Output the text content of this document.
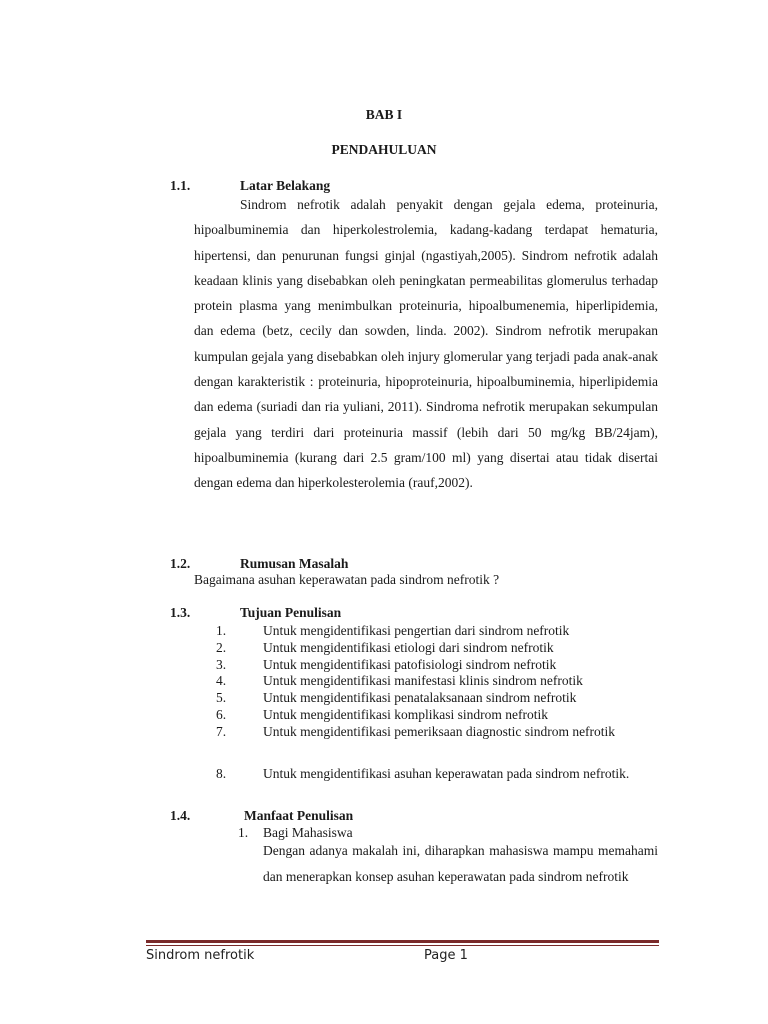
BAB I
PENDAHULUAN
1.1.	Latar Belakang
Sindrom nefrotik adalah penyakit dengan gejala edema, proteinuria, hipoalbuminemia dan hiperkolestrolemia, kadang-kadang terdapat hematuria, hipertensi, dan penurunan fungsi ginjal (ngastiyah,2005). Sindrom nefrotik adalah keadaan klinis yang disebabkan oleh peningkatan permeabilitas glomerulus terhadap protein plasma yang menimbulkan proteinuria, hipoalbumenemia, hiperlipidemia, dan edema (betz, cecily dan sowden, linda. 2002). Sindrom nefrotik merupakan kumpulan gejala yang disebabkan oleh injury glomerular yang terjadi pada anak-anak dengan karakteristik : proteinuria, hipoproteinuria, hipoalbuminemia, hiperlipidemia dan edema (suriadi dan ria yuliani, 2011). Sindroma nefrotik merupakan sekumpulan gejala yang terdiri dari proteinuria massif (lebih dari 50 mg/kg BB/24jam), hipoalbuminemia (kurang dari 2.5 gram/100 ml) yang disertai atau tidak disertai dengan edema dan hiperkolesterolemia (rauf,2002).
1.2.	Rumusan Masalah
Bagaimana asuhan keperawatan pada sindrom nefrotik ?
1.3.	Tujuan Penulisan
1.	Untuk mengidentifikasi pengertian dari sindrom nefrotik
2.	Untuk mengidentifikasi etiologi dari sindrom nefrotik
3.	Untuk mengidentifikasi patofisiologi sindrom nefrotik
4.	Untuk mengidentifikasi manifestasi klinis sindrom nefrotik
5.	Untuk mengidentifikasi penatalaksanaan sindrom nefrotik
6.	Untuk mengidentifikasi komplikasi sindrom nefrotik
7.	Untuk mengidentifikasi pemeriksaan diagnostic sindrom nefrotik
8.	Untuk mengidentifikasi asuhan keperawatan pada sindrom nefrotik.
1.4.	Manfaat Penulisan
1. Bagi Mahasiswa
Dengan adanya makalah ini, diharapkan mahasiswa mampu memahami dan menerapkan konsep asuhan keperawatan pada sindrom nefrotik
Sindrom nefrotik	Page 1
